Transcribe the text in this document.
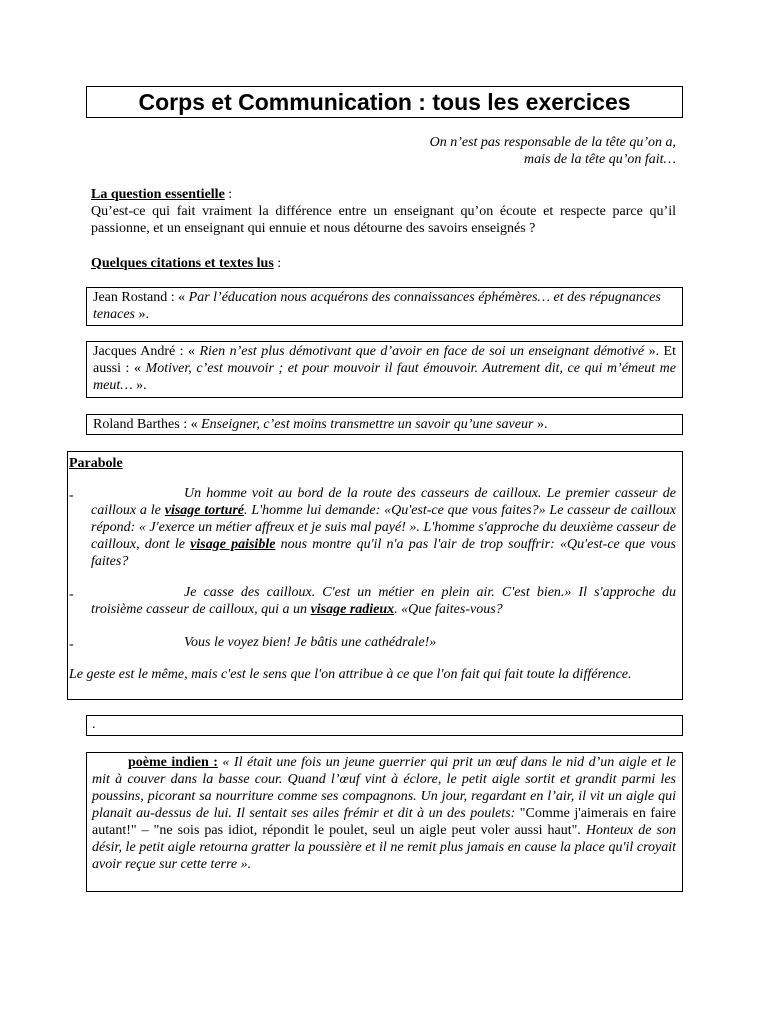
Corps et Communication : tous les exercices
On n’est pas responsable de la tête qu’on a,
mais de la tête qu’on fait…
La question essentielle :
Qu’est-ce qui fait vraiment la différence entre un enseignant qu’on écoute et respecte parce qu’il passionne, et un enseignant qui ennuie et nous détourne des savoirs enseignés ?
Quelques citations et textes lus :
Jean Rostand : « Par l’éducation nous acquérons des connaissances éphémères… et des répugnances tenaces ».
Jacques André : « Rien n’est plus démotivant que d’avoir en face de soi un enseignant démotivé ». Et aussi : « Motiver, c’est mouvoir ; et pour mouvoir il faut émouvoir. Autrement dit, ce qui m’émeut me meut… ».
Roland Barthes : « Enseigner, c’est moins transmettre un savoir qu’une saveur ».
Parabole
-	Un homme voit au bord de la route des casseurs de cailloux. Le premier casseur de cailloux a le visage torturé. L'homme lui demande: «Qu'est-ce que vous faites?» Le casseur de cailloux répond: « J'exerce un métier affreux et je suis mal payé! ». L'homme s'approche du deuxième casseur de cailloux, dont le visage paisible nous montre qu'il n'a pas l'air de trop souffrir: «Qu'est-ce que vous faites?
-	Je casse des cailloux. C'est un métier en plein air. C'est bien.» Il s'approche du troisième casseur de cailloux, qui a un visage radieux. «Que faites-vous?
-	Vous le voyez bien! Je bâtis une cathédrale!»
Le geste est le même, mais c'est le sens que l'on attribue à ce que l'on fait qui fait toute la différence.
.
poème indien : « Il était une fois un jeune guerrier qui prit un œuf dans le nid d’un aigle et le mit à couver dans la basse cour. Quand l’œuf vint à éclore, le petit aigle sortit et grandit parmi les poussins, picorant sa nourriture comme ses compagnons. Un jour, regardant en l’air, il vit un aigle qui planait au-dessus de lui. Il sentait ses ailes frémir et dit à un des poulets: "Comme j'aimerais en faire autant!" – "ne sois pas idiot, répondit le poulet, seul un aigle peut voler aussi haut". Honteux de son désir, le petit aigle retourna gratter la poussière et il ne remit plus jamais en cause la place qu'il croyait avoir reçue sur cette terre ».
